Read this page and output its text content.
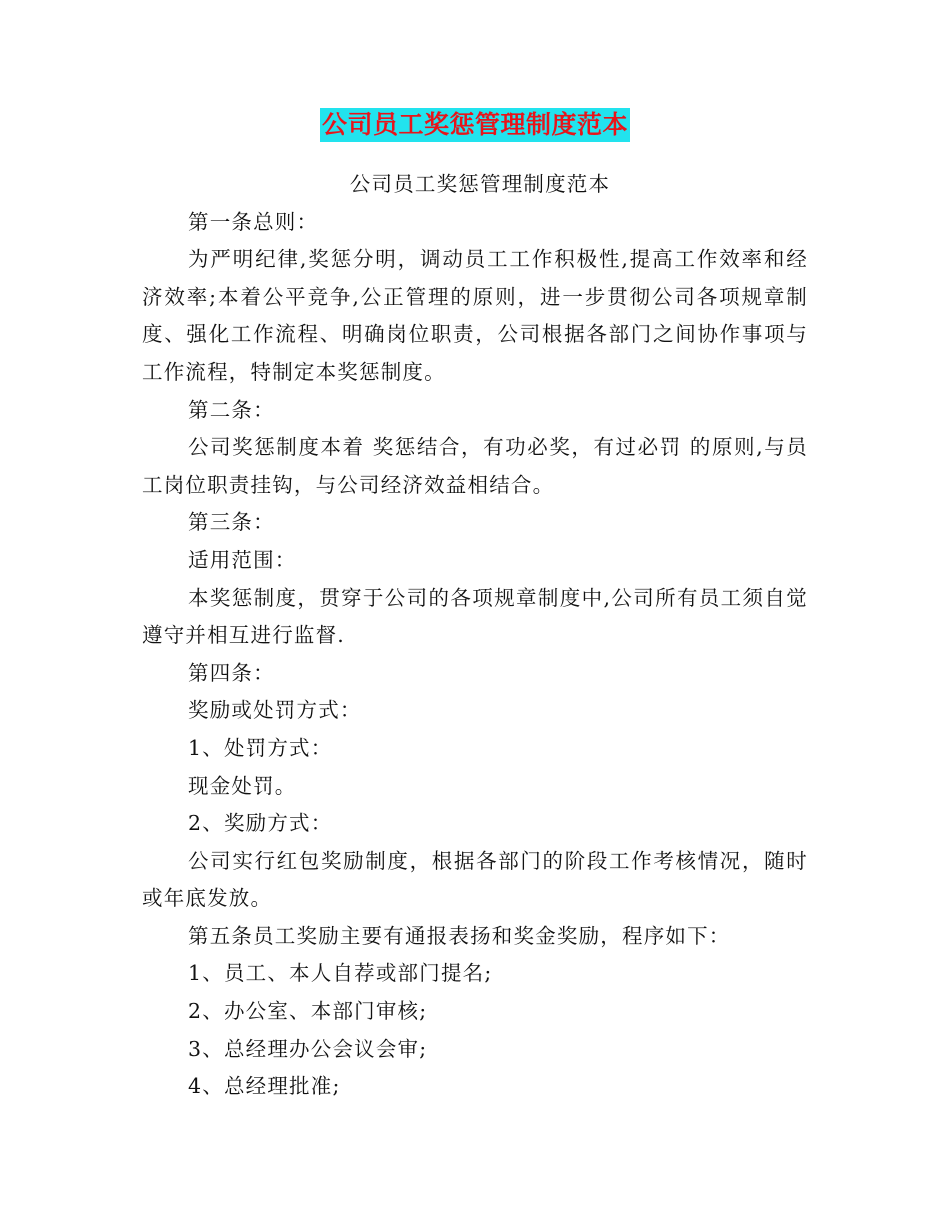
公司员工奖惩管理制度范本

公司员工奖惩管理制度范本

第一条总则：

为严明纪律,奖惩分明，调动员工工作积极性,提高工作效率和经济效率;本着公平竞争,公正管理的原则，进一步贯彻公司各项规章制度、强化工作流程、明确岗位职责，公司根据各部门之间协作事项与工作流程，特制定本奖惩制度。

第二条：

公司奖惩制度本着 奖惩结合，有功必奖，有过必罚 的原则,与员工岗位职责挂钩，与公司经济效益相结合。

第三条：

适用范围：

本奖惩制度，贯穿于公司的各项规章制度中,公司所有员工须自觉遵守并相互进行监督.

第四条：

奖励或处罚方式：

1、处罚方式：

现金处罚。

2、奖励方式：

公司实行红包奖励制度，根据各部门的阶段工作考核情况，随时或年底发放。

第五条员工奖励主要有通报表扬和奖金奖励，程序如下：

1、员工、本人自荐或部门提名;

2、办公室、本部门审核;

3、总经理办公会议会审;

4、总经理批准;
